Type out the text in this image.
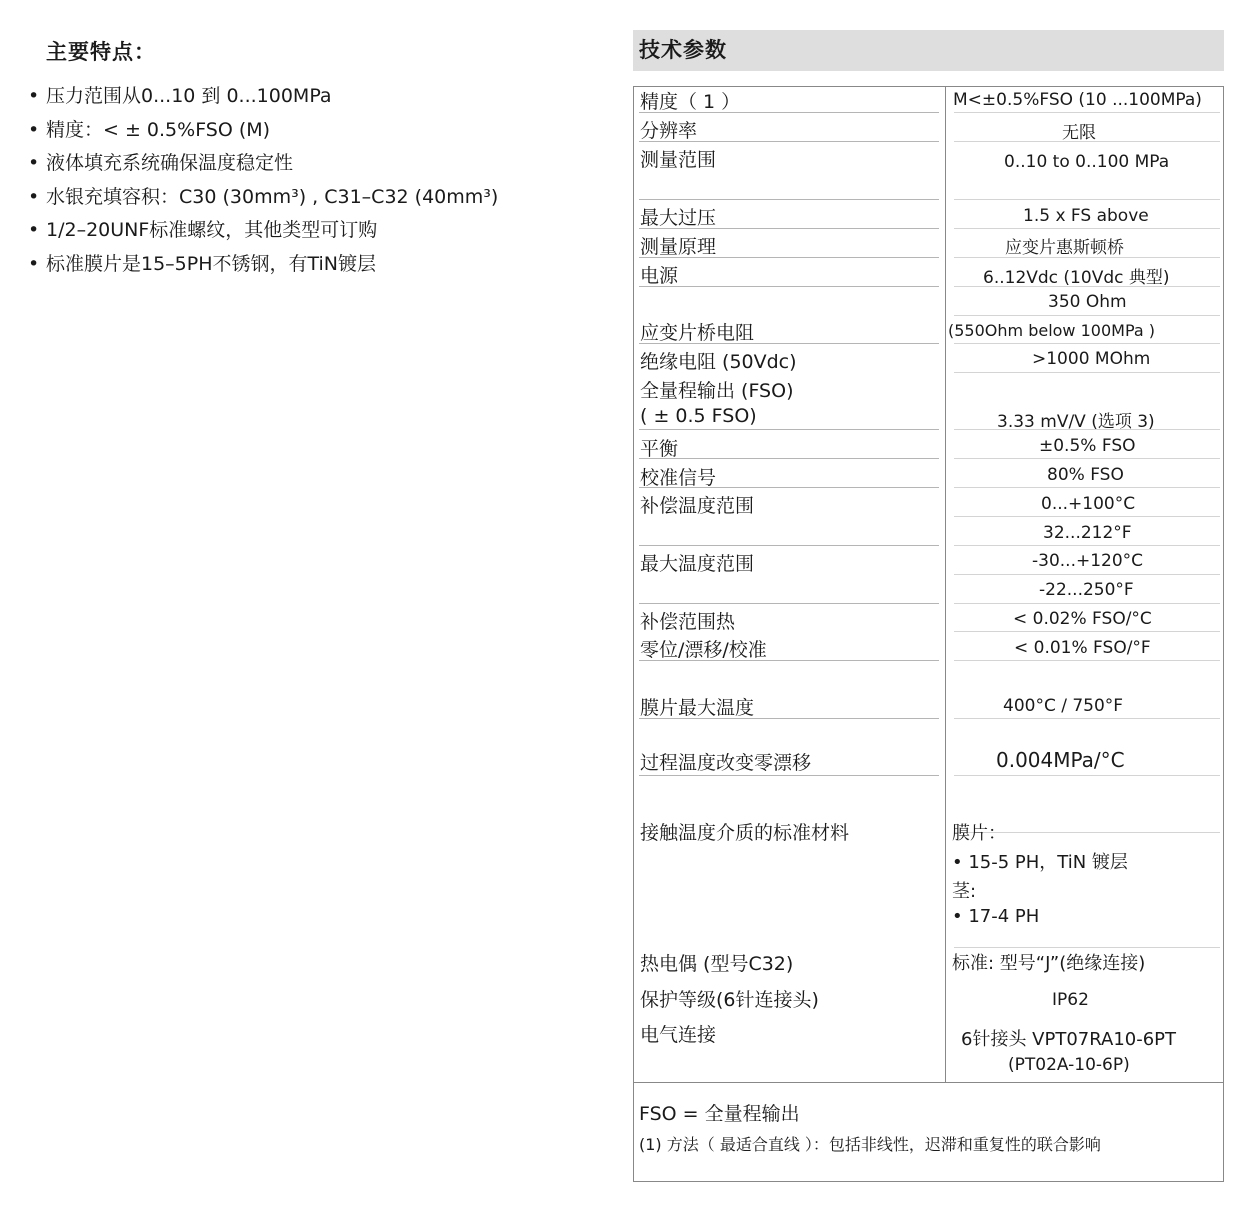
主要特点：
• 压力范围从0...10 到 0...100MPa
• 精度：< ± 0.5%FSO (M)
• 液体填充系统确保温度稳定性
• 水银充填容积：C30 (30mm³) , C31–C32 (40mm³)
• 1/2–20UNF标准螺纹，其他类型可订购
• 标准膜片是15–5PH不锈钢，有TiN镀层
技术参数
精度（ 1 ）
分辨率
测量范围
最大过压
测量原理
电源
应变片桥电阻
绝缘电阻 (50Vdc)
全量程输出 (FSO)
( ± 0.5 FSO)
平衡
校准信号
补偿温度范围
最大温度范围
补偿范围热
零位/漂移/校准
膜片最大温度
过程温度改变零漂移
接触温度介质的标准材料
热电偶 (型号C32)
保护等级(6针连接头)
电气连接
M<±0.5%FSO (10 ...100MPa)
无限
0..10 to 0..100 MPa
1.5 x FS above
应变片惠斯顿桥
6..12Vdc (10Vdc 典型)
350 Ohm
(550Ohm below 100MPa )
>1000 MOhm
3.33 mV/V (选项 3)
±0.5% FSO
80% FSO
0...+100°C
32...212°F
-30...+120°C
-22...250°F
< 0.02% FSO/°C
< 0.01% FSO/°F
400°C / 750°F
0.004MPa/°C
膜片：
• 15-5 PH，TiN 镀层
茎:
• 17-4 PH
标准: 型号“J”(绝缘连接)
IP62
6针接头 VPT07RA10-6PT
(PT02A-10-6P)
FSO = 全量程输出
(1) 方法（ 最适合直线 ）：包括非线性，迟滞和重复性的联合影响
